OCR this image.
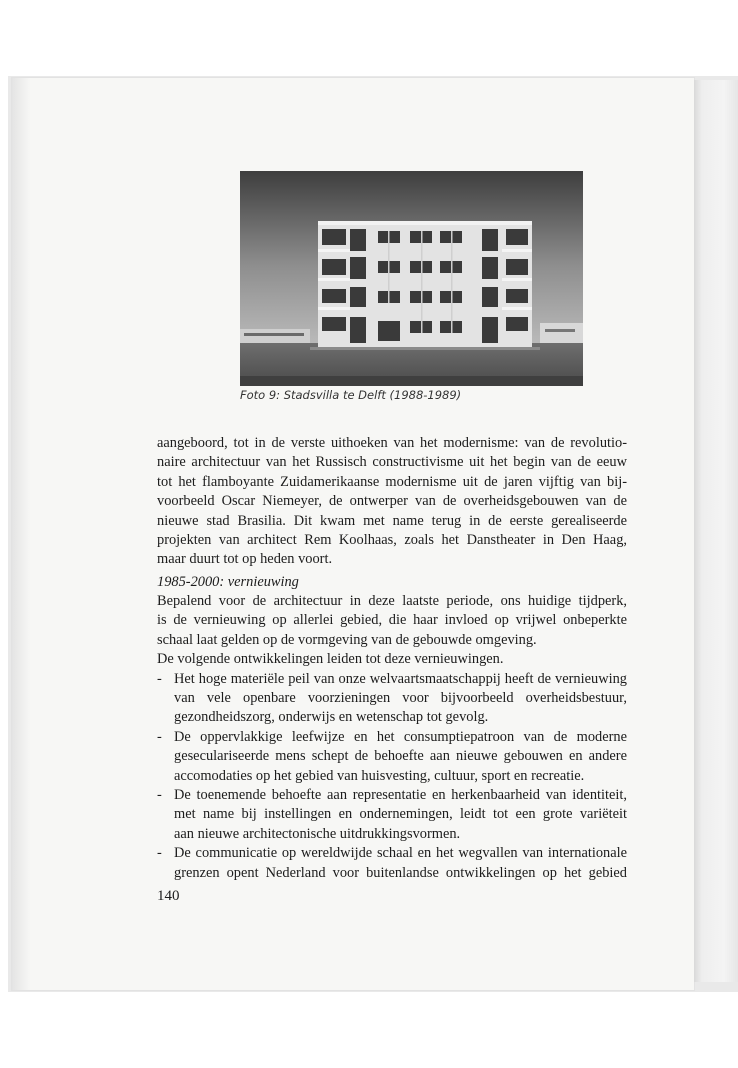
Foto 9: Stadsvilla te Delft (1988-1989)
aangeboord, tot in de verste uithoeken van het modernisme: van de revolutio-
naire architectuur van het Russisch constructivisme uit het begin van de eeuw
tot het flamboyante Zuidamerikaanse modernisme uit de jaren vijftig van bij-
voorbeeld Oscar Niemeyer, de ontwerper van de overheidsgebouwen van de
nieuwe stad Brasilia. Dit kwam met name terug in de eerste gerealiseerde
projekten van architect Rem Koolhaas, zoals het Danstheater in Den Haag,
maar duurt tot op heden voort.
1985-2000: vernieuwing
Bepalend voor de architectuur in deze laatste periode, ons huidige tijdperk,
is de vernieuwing op allerlei gebied, die haar invloed op vrijwel onbeperkte
schaal laat gelden op de vormgeving van de gebouwde omgeving.
De volgende ontwikkelingen leiden tot deze vernieuwingen.
- Het hoge materiële peil van onze welvaartsmaatschappij heeft de vernieuwing
van vele openbare voorzieningen voor bijvoorbeeld overheidsbestuur,
gezondheidszorg, onderwijs en wetenschap tot gevolg.
- De oppervlakkige leefwijze en het consumptiepatroon van de moderne
geseculariseerde mens schept de behoefte aan nieuwe gebouwen en andere
accomodaties op het gebied van huisvesting, cultuur, sport en recreatie.
- De toenemende behoefte aan representatie en herkenbaarheid van identiteit,
met name bij instellingen en ondernemingen, leidt tot een grote variëteit
aan nieuwe architectonische uitdrukkingsvormen.
- De communicatie op wereldwijde schaal en het wegvallen van internationale
grenzen opent Nederland voor buitenlandse ontwikkelingen op het gebied
140
